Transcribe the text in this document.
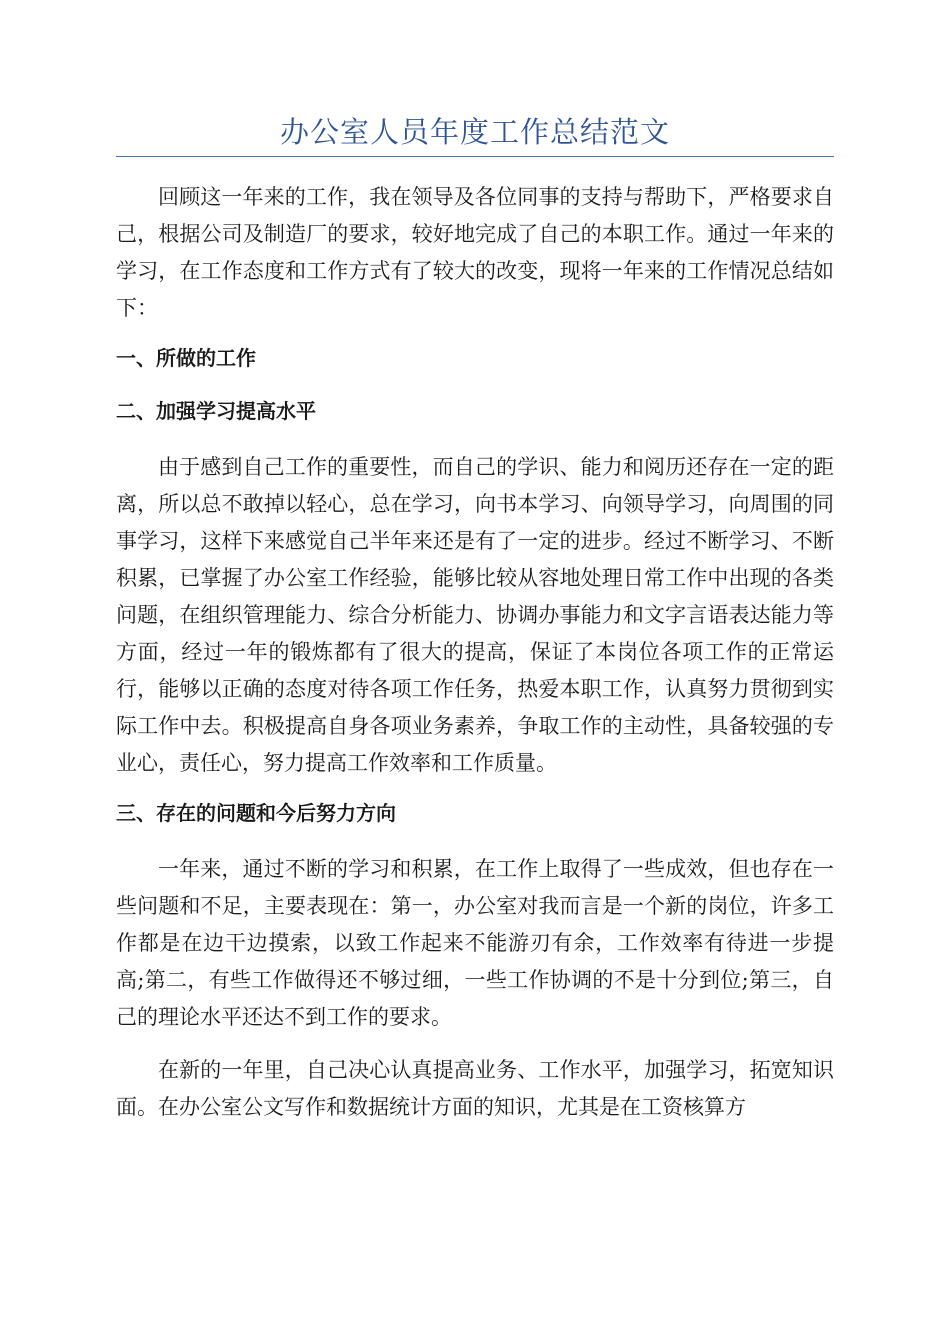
办公室人员年度工作总结范文

回顾这一年来的工作，我在领导及各位同事的支持与帮助下，严格要求自己，根据公司及制造厂的要求，较好地完成了自己的本职工作。通过一年来的学习，在工作态度和工作方式有了较大的改变，现将一年来的工作情况总结如下：

一、所做的工作
二、加强学习提高水平

由于感到自己工作的重要性，而自己的学识、能力和阅历还存在一定的距离，所以总不敢掉以轻心，总在学习，向书本学习、向领导学习，向周围的同事学习，这样下来感觉自己半年来还是有了一定的进步。经过不断学习、不断积累，已掌握了办公室工作经验，能够比较从容地处理日常工作中出现的各类问题，在组织管理能力、综合分析能力、协调办事能力和文字言语表达能力等方面，经过一年的锻炼都有了很大的提高，保证了本岗位各项工作的正常运行，能够以正确的态度对待各项工作任务，热爱本职工作，认真努力贯彻到实际工作中去。积极提高自身各项业务素养，争取工作的主动性，具备较强的专业心，责任心，努力提高工作效率和工作质量。

三、存在的问题和今后努力方向

一年来，通过不断的学习和积累，在工作上取得了一些成效，但也存在一些问题和不足，主要表现在：第一，办公室对我而言是一个新的岗位，许多工作都是在边干边摸索，以致工作起来不能游刃有余，工作效率有待进一步提高;第二，有些工作做得还不够过细，一些工作协调的不是十分到位;第三，自己的理论水平还达不到工作的要求。

在新的一年里，自己决心认真提高业务、工作水平，加强学习，拓宽知识面。在办公室公文写作和数据统计方面的知识，尤其是在工资核算方
